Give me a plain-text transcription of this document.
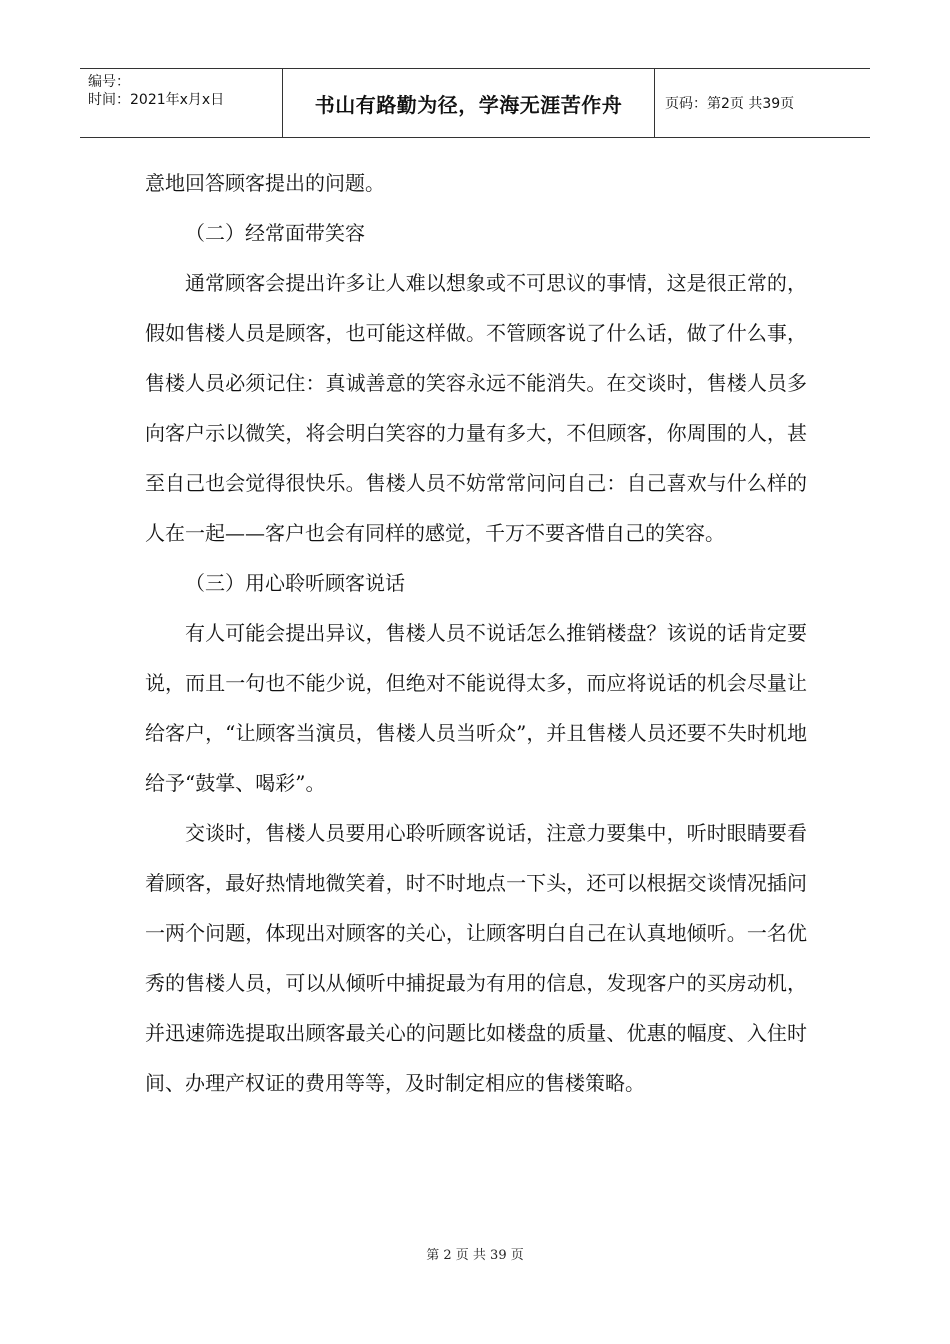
编号：
时间：2021年x月x日	书山有路勤为径，学海无涯苦作舟	页码：第2页 共39页

意地回答顾客提出的问题。

（二）经常面带笑容

通常顾客会提出许多让人难以想象或不可思议的事情，这是很正常的，假如售楼人员是顾客，也可能这样做。不管顾客说了什么话，做了什么事，售楼人员必须记住：真诚善意的笑容永远不能消失。在交谈时，售楼人员多向客户示以微笑，将会明白笑容的力量有多大，不但顾客，你周围的人，甚至自己也会觉得很快乐。售楼人员不妨常常问问自己：自己喜欢与什么样的人在一起——客户也会有同样的感觉，千万不要吝惜自己的笑容。

（三）用心聆听顾客说话

有人可能会提出异议，售楼人员不说话怎么推销楼盘？该说的话肯定要说，而且一句也不能少说，但绝对不能说得太多，而应将说话的机会尽量让给客户，“让顾客当演员，售楼人员当听众”，并且售楼人员还要不失时机地给予“鼓掌、喝彩”。

交谈时，售楼人员要用心聆听顾客说话，注意力要集中，听时眼睛要看着顾客，最好热情地微笑着，时不时地点一下头，还可以根据交谈情况插问一两个问题，体现出对顾客的关心，让顾客明白自己在认真地倾听。一名优秀的售楼人员，可以从倾听中捕捉最为有用的信息，发现客户的买房动机，并迅速筛选提取出顾客最关心的问题比如楼盘的质量、优惠的幅度、入住时间、办理产权证的费用等等，及时制定相应的售楼策略。

第 2 页 共 39 页
